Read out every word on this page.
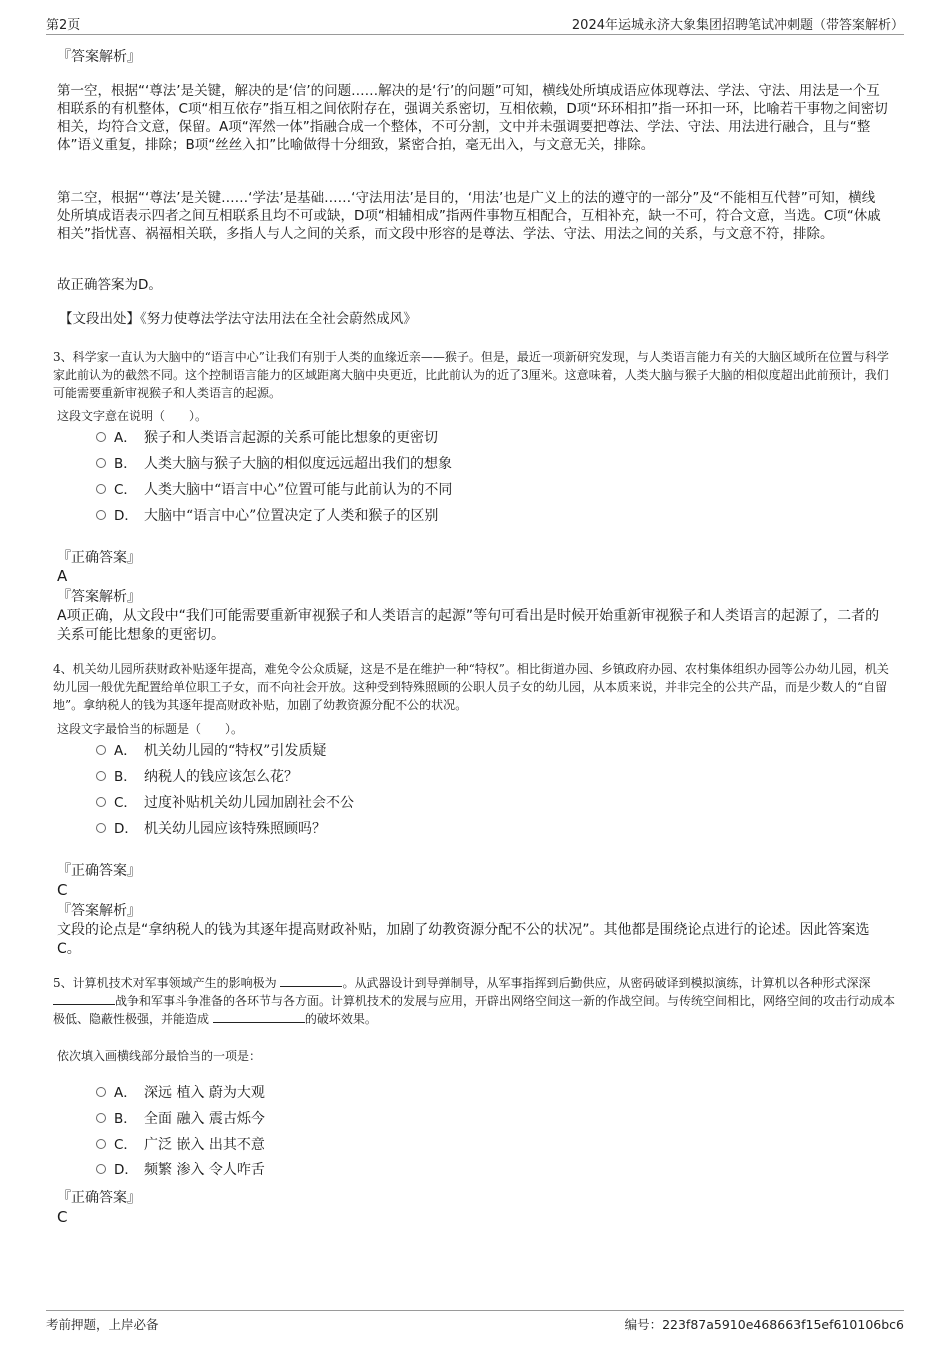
第2页	2024年运城永济大象集团招聘笔试冲刺题（带答案解析）
『答案解析』
第一空，根据“‘尊法’是关键，解决的是‘信’的问题……解决的是‘行’的问题”可知，横线处所填成语应体现尊法、学法、守法、用法是一个互相联系的有机整体，C项“相互依存”指互相之间依附存在，强调关系密切，互相依赖，D项“环环相扣”指一环扣一环，比喻若干事物之间密切相关，均符合文意，保留。A项“浑然一体”指融合成一个整体，不可分割，文中并未强调要把尊法、学法、守法、用法进行融合，且与“整体”语义重复，排除；B项“丝丝入扣”比喻做得十分细致，紧密合拍，毫无出入，与文意无关，排除。
第二空，根据“‘尊法’是关键……‘学法’是基础……‘守法用法’是目的，‘用法’也是广义上的法的遵守的一部分”及“不能相互代替”可知，横线处所填成语表示四者之间互相联系且均不可或缺，D项“相辅相成”指两件事物互相配合，互相补充，缺一不可，符合文意，当选。C项“休戚相关”指忧喜、祸福相关联，多指人与人之间的关系，而文段中形容的是尊法、学法、守法、用法之间的关系，与文意不符，排除。
故正确答案为D。
【文段出处】《努力使尊法学法守法用法在全社会蔚然成风》
3、科学家一直认为大脑中的“语言中心”让我们有别于人类的血缘近亲——猴子。但是，最近一项新研究发现，与人类语言能力有关的大脑区域所在位置与科学家此前认为的截然不同。这个控制语言能力的区域距离大脑中央更近，比此前认为的近了3厘米。这意味着，人类大脑与猴子大脑的相似度超出此前预计，我们可能需要重新审视猴子和人类语言的起源。
这段文字意在说明（　　）。
A． 猴子和人类语言起源的关系可能比想象的更密切
B． 人类大脑与猴子大脑的相似度远远超出我们的想象
C． 人类大脑中“语言中心”位置可能与此前认为的不同
D． 大脑中“语言中心”位置决定了人类和猴子的区别
『正确答案』
A
『答案解析』
A项正确，从文段中“我们可能需要重新审视猴子和人类语言的起源”等句可看出是时候开始重新审视猴子和人类语言的起源了，二者的关系可能比想象的更密切。
4、机关幼儿园所获财政补贴逐年提高，难免令公众质疑，这是不是在维护一种“特权”。相比街道办园、乡镇政府办园、农村集体组织办园等公办幼儿园，机关幼儿园一般优先配置给单位职工子女，而不向社会开放。这种受到特殊照顾的公职人员子女的幼儿园，从本质来说，并非完全的公共产品，而是少数人的“自留地”。拿纳税人的钱为其逐年提高财政补贴，加剧了幼教资源分配不公的状况。
这段文字最恰当的标题是（　　）。
A． 机关幼儿园的“特权”引发质疑
B． 纳税人的钱应该怎么花？
C． 过度补贴机关幼儿园加剧社会不公
D． 机关幼儿园应该特殊照顾吗？
『正确答案』
C
『答案解析』
文段的论点是“拿纳税人的钱为其逐年提高财政补贴，加剧了幼教资源分配不公的状况”。其他都是围绕论点进行的论述。因此答案选C。
5、计算机技术对军事领域产生的影响极为	。从武器设计到导弹制导，从军事指挥到后勤供应，从密码破译到模拟演练，计算机以各种形式深深 战争和军事斗争准备的各环节与各方面。计算机技术的发展与应用，开辟出网络空间这一新的作战空间。与传统空间相比，网络空间的攻击行动成本极低、隐蔽性极强，并能造成	的破坏效果。
依次填入画横线部分最恰当的一项是：
A． 深远 植入 蔚为大观
B． 全面 融入 震古烁今
C． 广泛 嵌入 出其不意
D． 频繁 渗入 令人咋舌
『正确答案』
C
考前押题，上岸必备	编号：223f87a5910e468663f15ef610106bc6
